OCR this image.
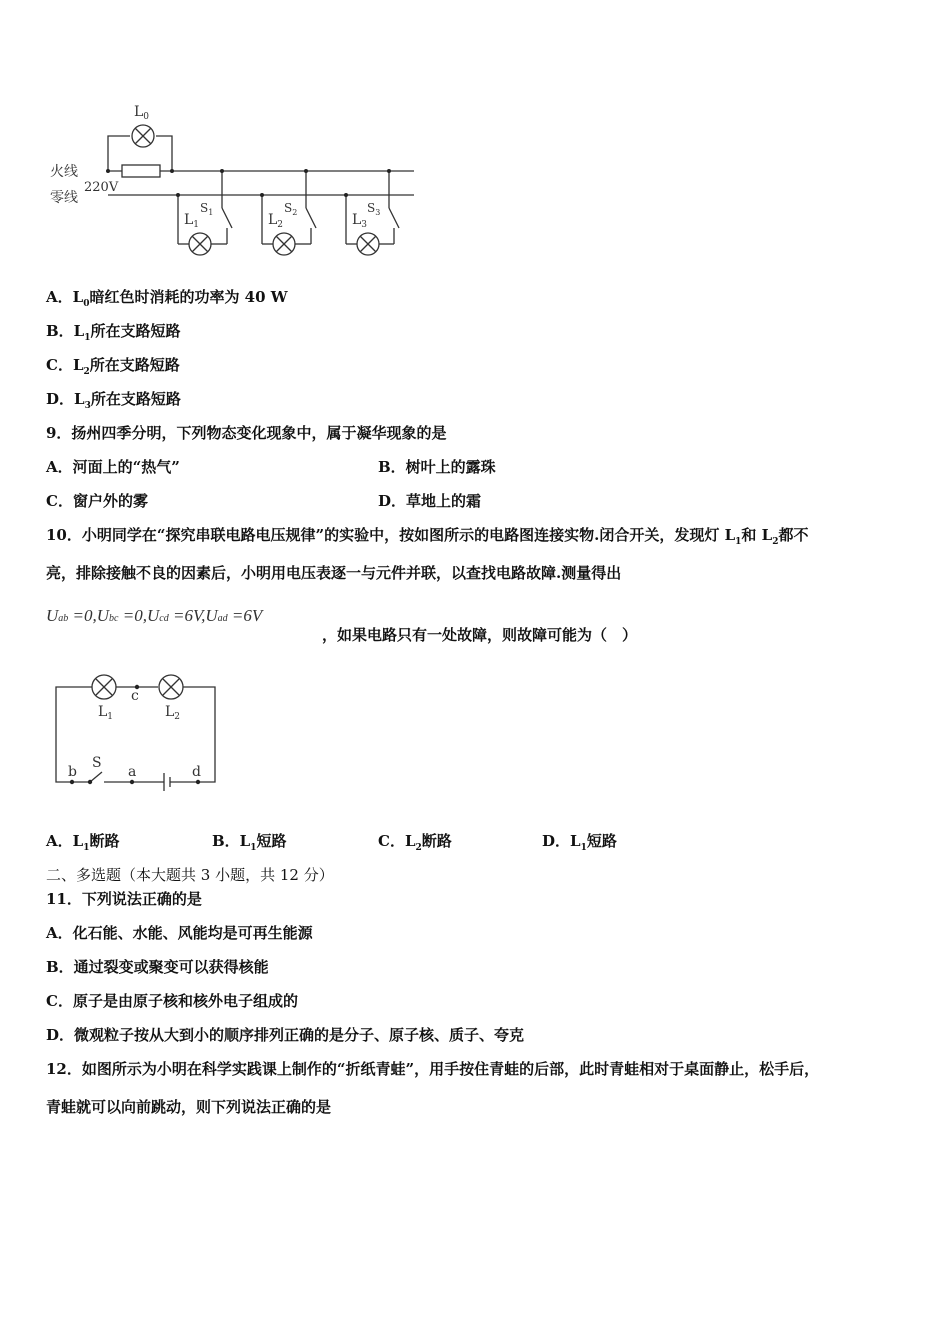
$L_0$
火线
零线
220V
$L_1$
$S_1$	$L_2$
$S_2$	$L_3$
$S_3$
A．$L_0$暗红色时消耗的功率为 40 W
B．$L_1$所在支路短路
C．$L_2$所在支路短路
D．$L_3$所在支路短路
9．扬州四季分明，下列物态变化现象中，属于凝华现象的是
A．河面上的“热气”	B．树叶上的露珠
C．窗户外的雾	D．草地上的霜
10．小明同学在“探究串联电路电压规律”的实验中，按如图所示的电路图连接实物.闭合开关，发现灯 $L_1$和 $L_2$都不
亮，排除接触不良的因素后，小明用电压表逐一与元件并联，以查找电路故障.测量得出
Uab =0,Ubc =0,Ucd =6V,Uad =6V
，如果电路只有一处故障，则故障可能为（　）
c
$L_1$	$L_2$
b
S
a	d
A．$L_1$断路	B．$L_1$短路	C．$L_2$断路	D．$L_1$短路
二、多选题（本大题共 3 小题，共 12 分）
11．下列说法正确的是
A．化石能、水能、风能均是可再生能源
B．通过裂变或聚变可以获得核能
C．原子是由原子核和核外电子组成的
D．微观粒子按从大到小的顺序排列正确的是分子、原子核、质子、夸克
12．如图所示为小明在科学实践课上制作的“折纸青蛙”，用手按住青蛙的后部，此时青蛙相对于桌面静止，松手后，
青蛙就可以向前跳动，则下列说法正确的是
